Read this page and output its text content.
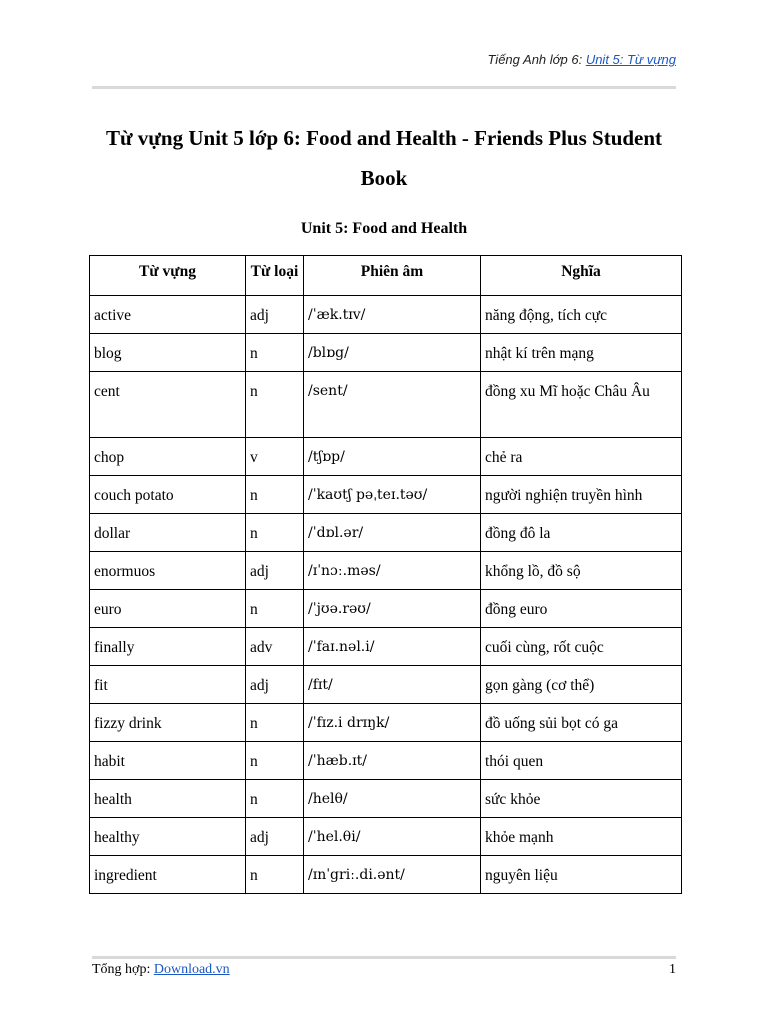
Tiếng Anh lớp 6: Unit 5: Từ vựng
Từ vựng Unit 5 lớp 6: Food and Health - Friends Plus Student Book
Unit 5: Food and Health
Từ vựng	Từ loại	Phiên âm	Nghĩa
active	adj	/ˈæk.tɪv/	năng động, tích cực
blog	n	/blɒg/	nhật kí trên mạng
cent	n	/sent/	đồng xu Mĩ hoặc Châu Âu
chop	v	/tʃɒp/	chẻ ra
couch potato	n	/ˈkaʊtʃ pəˌteɪ.təʊ/	người nghiện truyền hình
dollar	n	/ˈdɒl.ər/	đồng đô la
enormuos	adj	/ɪˈnɔː.məs/	khổng lồ, đồ sộ
euro	n	/ˈjʊə.rəʊ/	đồng euro
finally	adv	/ˈfaɪ.nəl.i/	cuối cùng, rốt cuộc
fit	adj	/fɪt/	gọn gàng (cơ thể)
fizzy drink	n	/ˈfɪz.i drɪŋk/	đồ uống sủi bọt có ga
habit	n	/ˈhæb.ɪt/	thói quen
health	n	/helθ/	sức khỏe
healthy	adj	/ˈhel.θi/	khỏe mạnh
ingredient	n	/ɪnˈgriː.di.ənt/	nguyên liệu
Tổng hợp: Download.vn	1
